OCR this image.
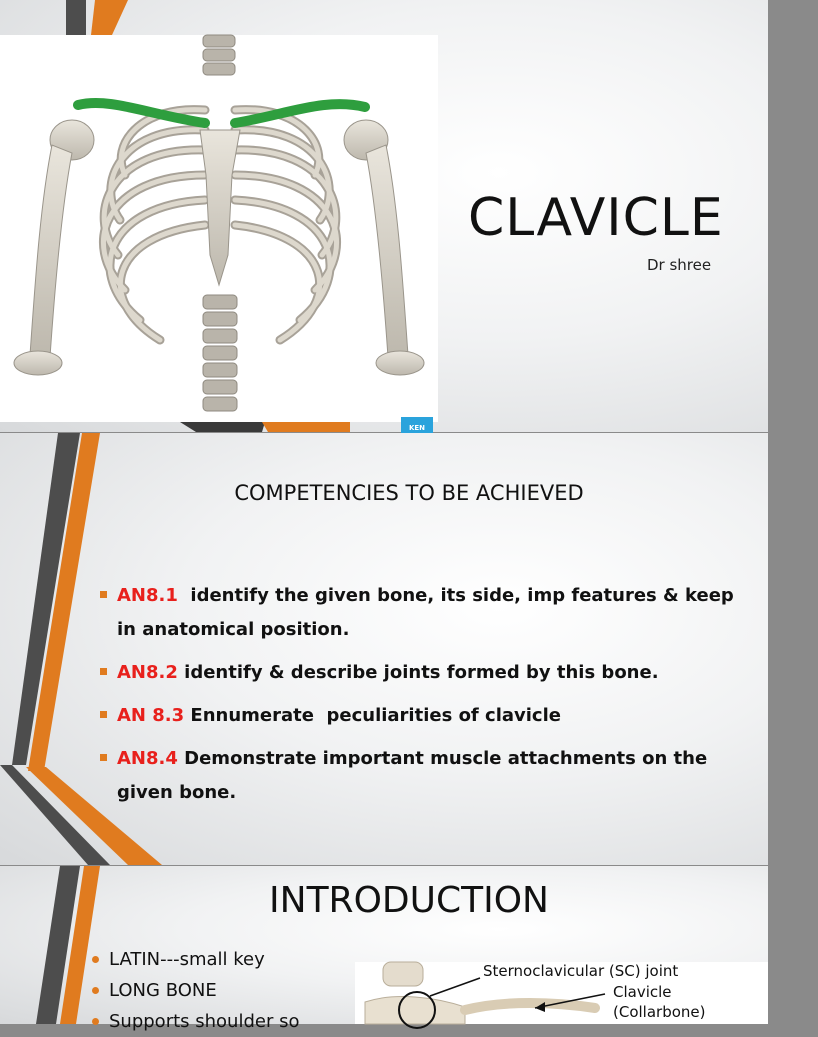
KEN

CLAVICLE
Dr shree
COMPETENCIES TO BE ACHIEVED
AN8.1  identify the given bone, its side, imp features & keep in anatomical position.
AN8.2 identify & describe joints formed by this bone.
AN 8.3 Ennumerate  peculiarities of clavicle
AN8.4 Demonstrate important muscle attachments on the given bone.
INTRODUCTION
LATIN---small key
LONG BONE
Supports shoulder so
Sternoclavicular (SC) joint
Clavicle
(Collarbone)
